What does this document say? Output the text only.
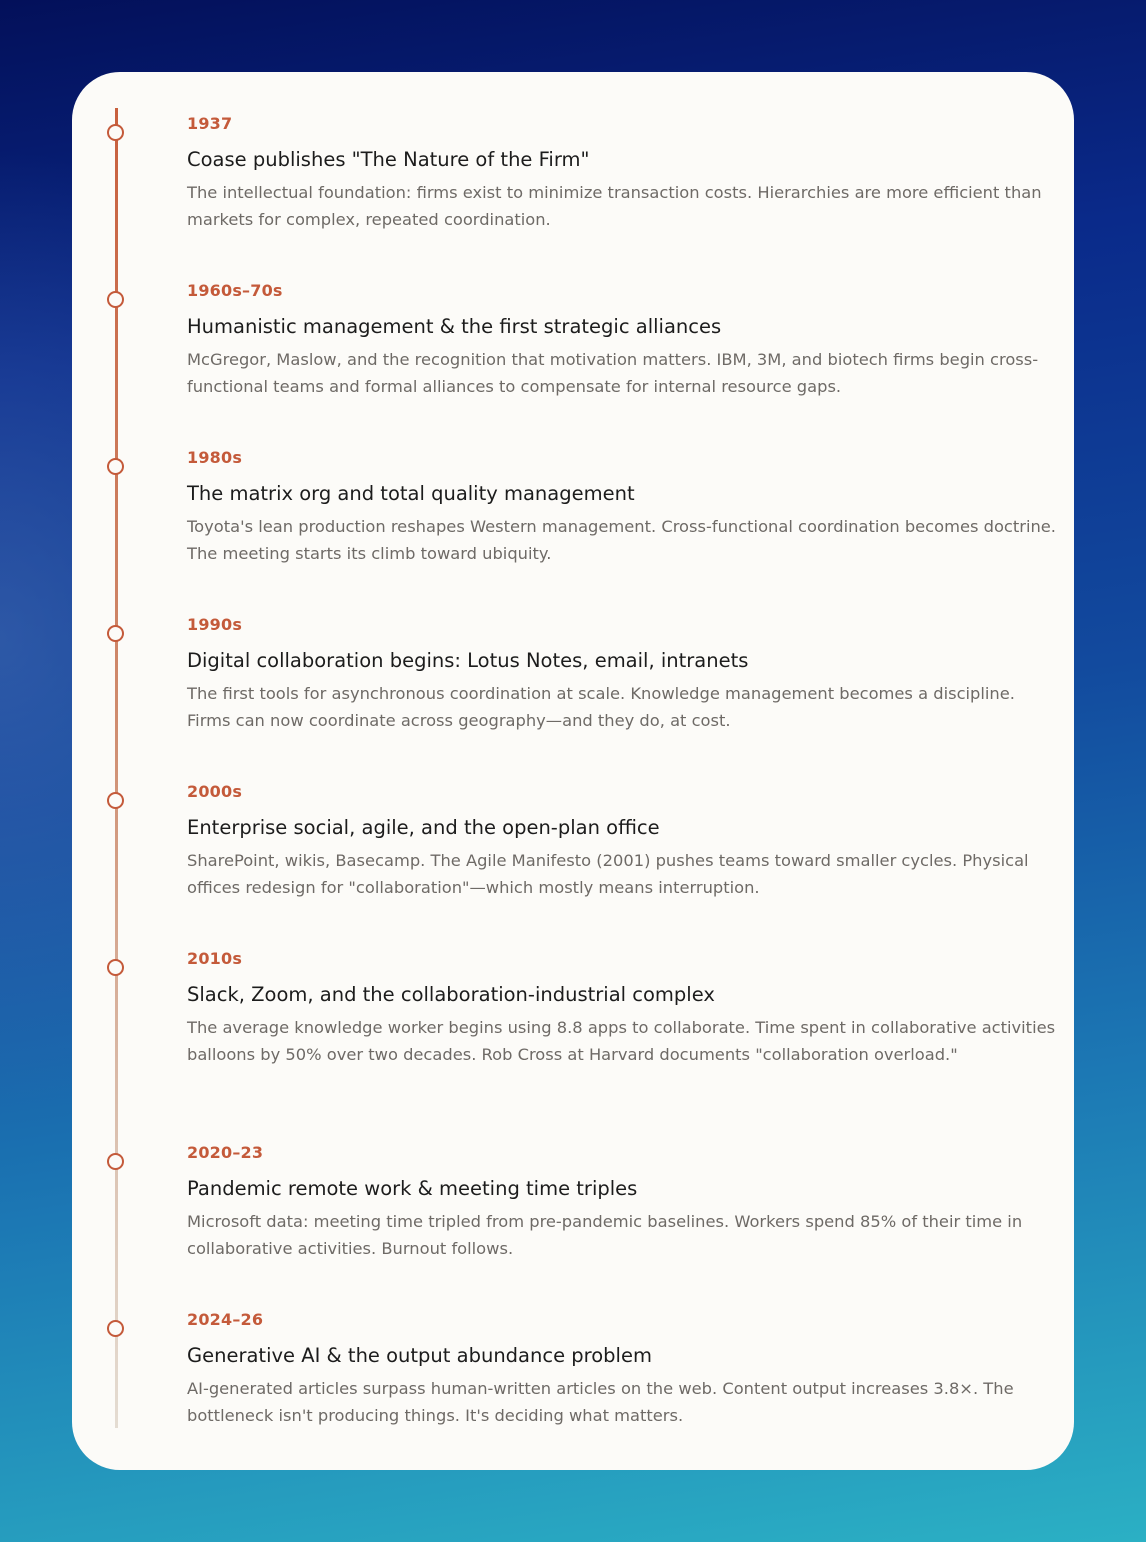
1937
Coase publishes "The Nature of the Firm"
The intellectual foundation: firms exist to minimize transaction costs. Hierarchies are more efficient than markets for complex, repeated coordination.
1960s–70s
Humanistic management & the first strategic alliances
McGregor, Maslow, and the recognition that motivation matters. IBM, 3M, and biotech firms begin cross-functional teams and formal alliances to compensate for internal resource gaps.
1980s
The matrix org and total quality management
Toyota's lean production reshapes Western management. Cross-functional coordination becomes doctrine. The meeting starts its climb toward ubiquity.
1990s
Digital collaboration begins: Lotus Notes, email, intranets
The first tools for asynchronous coordination at scale. Knowledge management becomes a discipline. Firms can now coordinate across geography—and they do, at cost.
2000s
Enterprise social, agile, and the open-plan office
SharePoint, wikis, Basecamp. The Agile Manifesto (2001) pushes teams toward smaller cycles. Physical offices redesign for "collaboration"—which mostly means interruption.
2010s
Slack, Zoom, and the collaboration-industrial complex
The average knowledge worker begins using 8.8 apps to collaborate. Time spent in collaborative activities balloons by 50% over two decades. Rob Cross at Harvard documents "collaboration overload."
2020–23
Pandemic remote work & meeting time triples
Microsoft data: meeting time tripled from pre-pandemic baselines. Workers spend 85% of their time in collaborative activities. Burnout follows.
2024–26
Generative AI & the output abundance problem
AI-generated articles surpass human-written articles on the web. Content output increases 3.8×. The bottleneck isn't producing things. It's deciding what matters.
